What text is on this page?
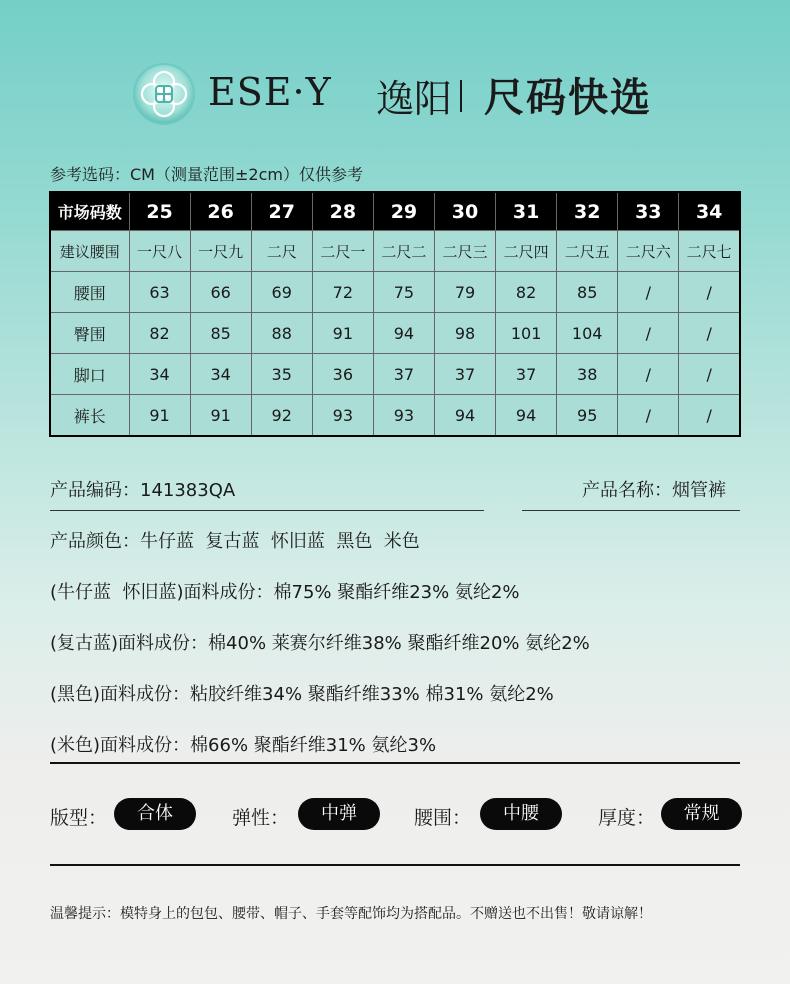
ESE·Y 逸阳 尺码快选
参考选码：CM（测量范围±2cm）仅供参考
市场码数	25	26	27	28	29	30	31	32	33	34
建议腰围	一尺八	一尺九	二尺	二尺一	二尺二	二尺三	二尺四	二尺五	二尺六	二尺七
腰围	63	66	69	72	75	79	82	85	/	/
臀围	82	85	88	91	94	98	101	104	/	/
脚口	34	34	35	36	37	37	37	38	/	/
裤长	91	91	92	93	93	94	94	95	/	/
产品编码：141383QA	产品名称：烟管裤
产品颜色：牛仔蓝  复古蓝  怀旧蓝  黑色  米色
(牛仔蓝  怀旧蓝)面料成份：棉75% 聚酯纤维23% 氨纶2%
(复古蓝)面料成份：棉40% 莱赛尔纤维38% 聚酯纤维20% 氨纶2%
(黑色)面料成份：粘胶纤维34% 聚酯纤维33% 棉31% 氨纶2%
(米色)面料成份：棉66% 聚酯纤维31% 氨纶3%
版型：	合体	弹性：	中弹	腰围：	中腰	厚度：	常规
温馨提示：模特身上的包包、腰带、帽子、手套等配饰均为搭配品。不赠送也不出售！敬请谅解！
